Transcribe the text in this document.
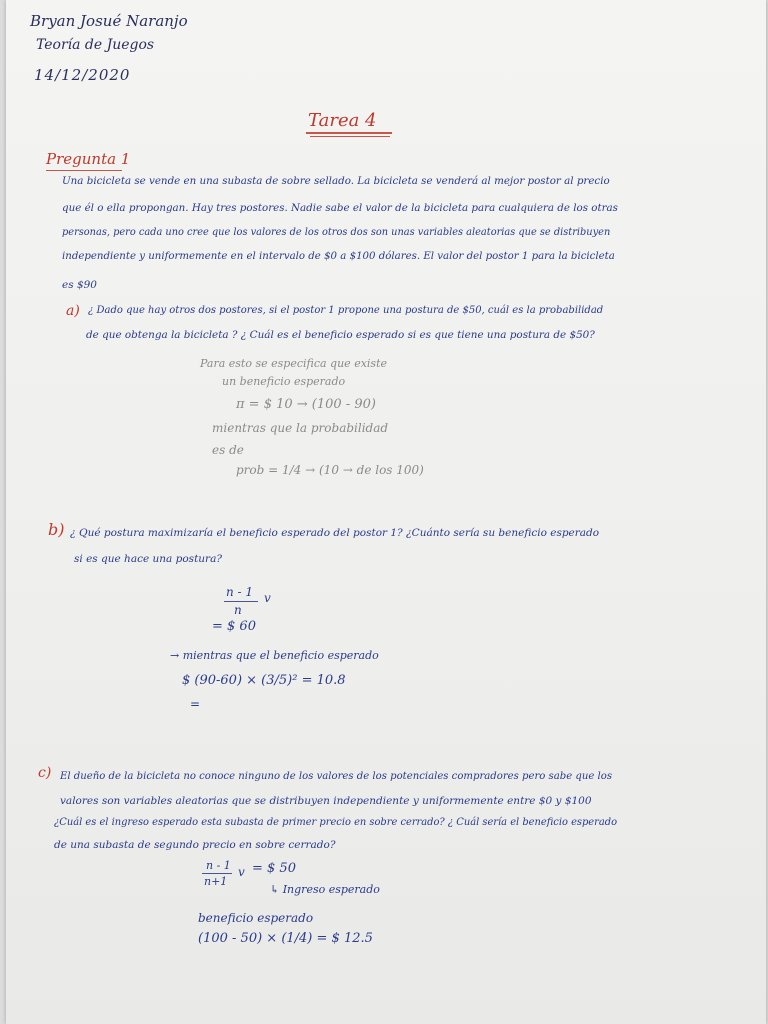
Bryan Josué Naranjo
Teoría de Juegos
14/12/2020
Tarea 4
Pregunta 1
Una bicicleta se vende en una subasta de sobre sellado. La bicicleta se venderá al mejor postor al precio
que él o ella propongan. Hay tres postores. Nadie sabe el valor de la bicicleta para cualquiera de los otras
personas, pero cada uno cree que los valores de los otros dos son unas variables aleatorias que se distribuyen
independiente y uniformemente en el intervalo de $0 a $100 dólares. El valor del postor 1 para la bicicleta
es $90
a) ¿ Dado que hay otros dos postores, si el postor 1 propone una postura de $50, cuál es la probabilidad
de que obtenga la bicicleta ? ¿ Cuál es el beneficio esperado si es que tiene una postura de $50?
Para esto se especifica que existe
un beneficio esperado
π = $ 10 → (100 - 90)
mientras que la probabilidad
es de
prob = 1/4 → (10 → de los 100)
b) ¿ Qué postura maximizaría el beneficio esperado del postor 1? ¿Cuánto sería su beneficio esperado
si es que hace una postura?
n - 1
n
v
= $ 60
→ mientras que el beneficio esperado
$ (90-60) × (3/5)² = 10.8
=
c) El dueño de la bicicleta no conoce ninguno de los valores de los potenciales compradores pero sabe que los
valores son variables aleatorias que se distribuyen independiente y uniformemente entre $0 y $100
¿Cuál es el ingreso esperado esta subasta de primer precio en sobre cerrado? ¿ Cuál sería el beneficio esperado
de una subasta de segundo precio en sobre cerrado?
n - 1
n+1
v = $ 50
↳ Ingreso esperado
beneficio esperado
(100 - 50) × (1/4) = $ 12.5
